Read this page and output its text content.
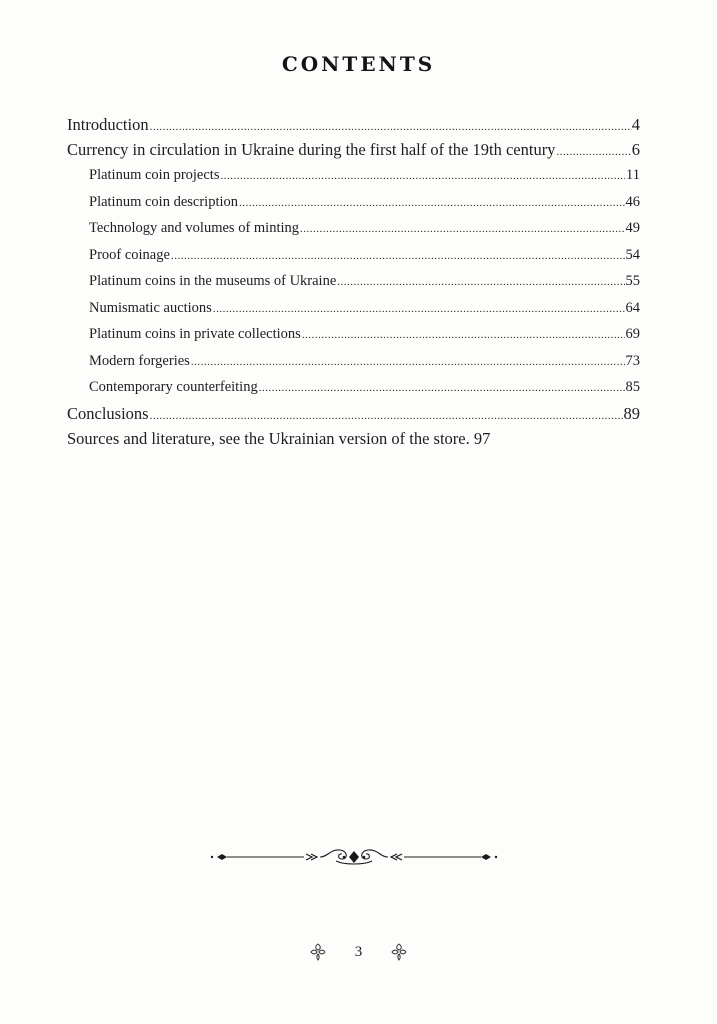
CONTENTS
Introduction .....	4
Currency in circulation in Ukraine during the first half of the 19th century .....	6
Platinum coin projects .....	11
Platinum coin description .....	46
Technology and volumes of minting .....	49
Proof coinage .....	54
Platinum coins in the museums of Ukraine .....	55
Numismatic auctions .....	64
Platinum coins in private collections .....	69
Modern forgeries .....	73
Contemporary counterfeiting .....	85
Conclusions .....	89
Sources and literature, see the Ukrainian version of the store. 97
3
